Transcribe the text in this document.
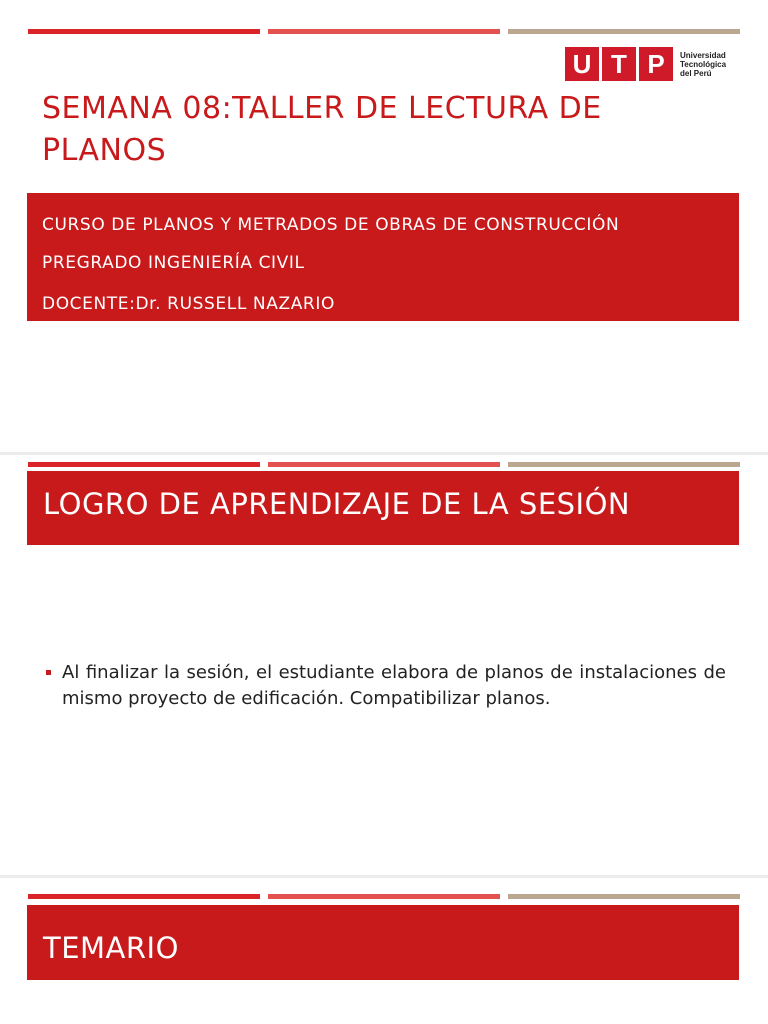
U T P	Universidad
Tecnológica
del Perú
SEMANA 08:TALLER DE LECTURA DE
PLANOS
CURSO DE PLANOS Y METRADOS DE OBRAS DE CONSTRUCCIÓN
PREGRADO INGENIERÍA CIVIL
DOCENTE:Dr. RUSSELL NAZARIO
LOGRO DE APRENDIZAJE DE LA SESIÓN

Al finalizar la sesión, el estudiante elabora de planos de instalaciones de mismo proyecto de edificación. Compatibilizar planos.

TEMARIO
